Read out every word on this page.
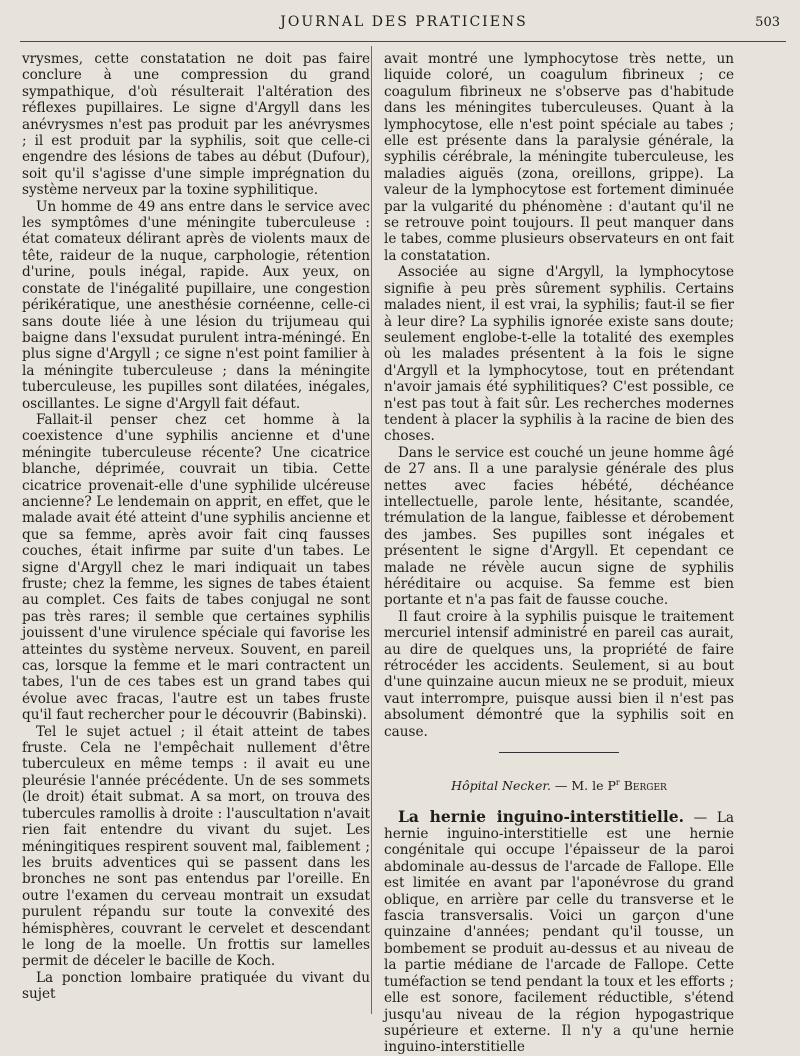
JOURNAL DES PRATICIENS	503

vrysmes, cette constatation ne doit pas faire conclure à une compression du grand sympathique, d'où résulterait l'altération des réflexes pupillaires. Le signe d'Argyll dans les anévrysmes n'est pas produit par les anévrysmes ; il est produit par la syphilis, soit que celle-ci engendre des lésions de tabes au début (Dufour), soit qu'il s'agisse d'une simple imprégnation du système nerveux par la toxine syphilitique.

Un homme de 49 ans entre dans le service avec les symptômes d'une méningite tuberculeuse : état comateux délirant après de violents maux de tête, raideur de la nuque, carphologie, rétention d'urine, pouls inégal, rapide. Aux yeux, on constate de l'inégalité pupillaire, une congestion périkératique, une anesthésie cornéenne, celle-ci sans doute liée à une lésion du trijumeau qui baigne dans l'exsudat purulent intra-méningé. En plus signe d'Argyll ; ce signe n'est point familier à la méningite tuberculeuse ; dans la méningite tuberculeuse, les pupilles sont dilatées, inégales, oscillantes. Le signe d'Argyll fait défaut.

Fallait-il penser chez cet homme à la coexistence d'une syphilis ancienne et d'une méningite tuberculeuse récente? Une cicatrice blanche, déprimée, couvrait un tibia. Cette cicatrice provenait-elle d'une syphilide ulcéreuse ancienne? Le lendemain on apprit, en effet, que le malade avait été atteint d'une syphilis ancienne et que sa femme, après avoir fait cinq fausses couches, était infirme par suite d'un tabes. Le signe d'Argyll chez le mari indiquait un tabes fruste; chez la femme, les signes de tabes étaient au complet. Ces faits de tabes conjugal ne sont pas très rares; il semble que certaines syphilis jouissent d'une virulence spéciale qui favorise les atteintes du système nerveux. Souvent, en pareil cas, lorsque la femme et le mari contractent un tabes, l'un de ces tabes est un grand tabes qui évolue avec fracas, l'autre est un tabes fruste qu'il faut rechercher pour le découvrir (Babinski).

Tel le sujet actuel ; il était atteint de tabes fruste. Cela ne l'empêchait nullement d'être tuberculeux en même temps : il avait eu une pleurésie l'année précédente. Un de ses sommets (le droit) était submat. A sa mort, on trouva des tubercules ramollis à droite : l'auscultation n'avait rien fait entendre du vivant du sujet. Les méningitiques respirent souvent mal, faiblement ; les bruits adventices qui se passent dans les bronches ne sont pas entendus par l'oreille. En outre l'examen du cerveau montrait un exsudat purulent répandu sur toute la convexité des hémisphères, couvrant le cervelet et descendant le long de la moelle. Un frottis sur lamelles permit de déceler le bacille de Koch.

La ponction lombaire pratiquée du vivant du sujet

avait montré une lymphocytose très nette, un liquide coloré, un coagulum fibrineux ; ce coagulum fibrineux ne s'observe pas d'habitude dans les méningites tuberculeuses. Quant à la lymphocytose, elle n'est point spéciale au tabes ; elle est présente dans la paralysie générale, la syphilis cérébrale, la méningite tuberculeuse, les maladies aiguës (zona, oreillons, grippe). La valeur de la lymphocytose est fortement diminuée par la vulgarité du phénomène : d'autant qu'il ne se retrouve point toujours. Il peut manquer dans le tabes, comme plusieurs observateurs en ont fait la constatation.

Associée au signe d'Argyll, la lymphocytose signifie à peu près sûrement syphilis. Certains malades nient, il est vrai, la syphilis; faut-il se fier à leur dire? La syphilis ignorée existe sans doute; seulement englobe-t-elle la totalité des exemples où les malades présentent à la fois le signe d'Argyll et la lymphocytose, tout en prétendant n'avoir jamais été syphilitiques? C'est possible, ce n'est pas tout à fait sûr. Les recherches modernes tendent à placer la syphilis à la racine de bien des choses.

Dans le service est couché un jeune homme âgé de 27 ans. Il a une paralysie générale des plus nettes avec facies hébété, déchéance intellectuelle, parole lente, hésitante, scandée, trémulation de la langue, faiblesse et dérobement des jambes. Ses pupilles sont inégales et présentent le signe d'Argyll. Et cependant ce malade ne révèle aucun signe de syphilis héréditaire ou acquise. Sa femme est bien portante et n'a pas fait de fausse couche.

Il faut croire à la syphilis puisque le traitement mercuriel intensif administré en pareil cas aurait, au dire de quelques uns, la propriété de faire rétrocéder les accidents. Seulement, si au bout d'une quinzaine aucun mieux ne se produit, mieux vaut interrompre, puisque aussi bien il n'est pas absolument démontré que la syphilis soit en cause.

Hôpital Necker. — M. le $P^r$ Berger

La hernie inguino-interstitielle. — La hernie inguino-interstitielle est une hernie congénitale qui occupe l'épaisseur de la paroi abdominale au-dessus de l'arcade de Fallope. Elle est limitée en avant par l'aponévrose du grand oblique, en arrière par celle du transverse et le fascia transversalis. Voici un garçon d'une quinzaine d'années; pendant qu'il tousse, un bombement se produit au-dessus et au niveau de la partie médiane de l'arcade de Fallope. Cette tuméfaction se tend pendant la toux et les efforts ; elle est sonore, facilement réductible, s'étend jusqu'au niveau de la région hypogastrique supérieure et externe. Il n'y a qu'une hernie inguino-interstitielle
